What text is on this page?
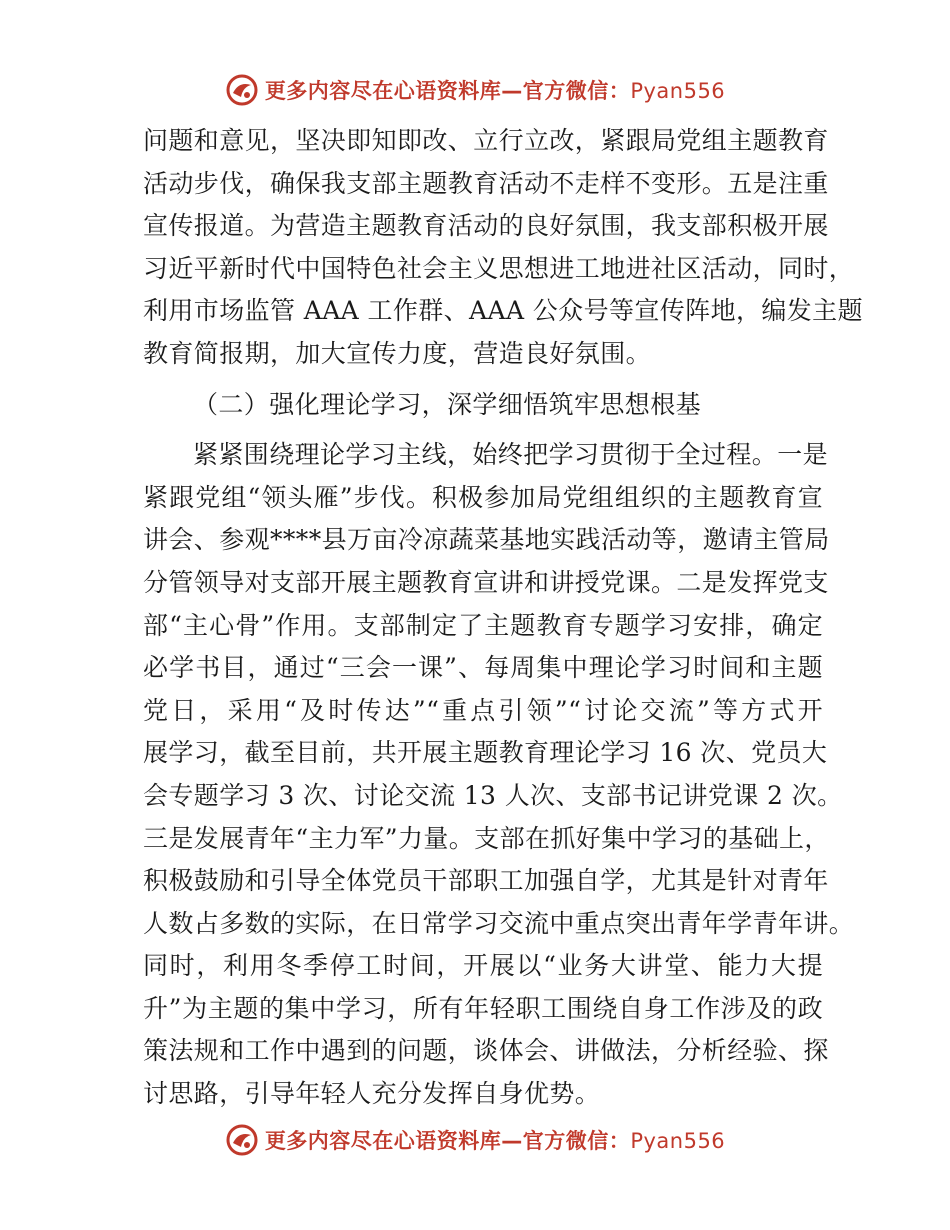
更多内容尽在心语资料库—官方微信：Pyan556
问题和意见，坚决即知即改、立行立改，紧跟局党组主题教育
活动步伐，确保我支部主题教育活动不走样不变形。五是注重
宣传报道。为营造主题教育活动的良好氛围，我支部积极开展
习近平新时代中国特色社会主义思想进工地进社区活动，同时，
利用市场监管 AAA 工作群、AAA 公众号等宣传阵地，编发主题
教育简报期，加大宣传力度，营造良好氛围。
（二）强化理论学习，深学细悟筑牢思想根基
紧紧围绕理论学习主线，始终把学习贯彻于全过程。一是
紧跟党组“领头雁”步伐。积极参加局党组组织的主题教育宣
讲会、参观****县万亩冷凉蔬菜基地实践活动等，邀请主管局
分管领导对支部开展主题教育宣讲和讲授党课。二是发挥党支
部“主心骨”作用。支部制定了主题教育专题学习安排，确定
必学书目，通过“三会一课”、每周集中理论学习时间和主题
党日，采用“及时传达”“重点引领”“讨论交流”等方式开
展学习，截至目前，共开展主题教育理论学习 16 次、党员大
会专题学习 3 次、讨论交流 13 人次、支部书记讲党课 2 次。
三是发展青年“主力军”力量。支部在抓好集中学习的基础上，
积极鼓励和引导全体党员干部职工加强自学，尤其是针对青年
人数占多数的实际，在日常学习交流中重点突出青年学青年讲。
同时，利用冬季停工时间，开展以“业务大讲堂、能力大提
升”为主题的集中学习，所有年轻职工围绕自身工作涉及的政
策法规和工作中遇到的问题，谈体会、讲做法，分析经验、探
讨思路，引导年轻人充分发挥自身优势。
更多内容尽在心语资料库—官方微信：Pyan556
